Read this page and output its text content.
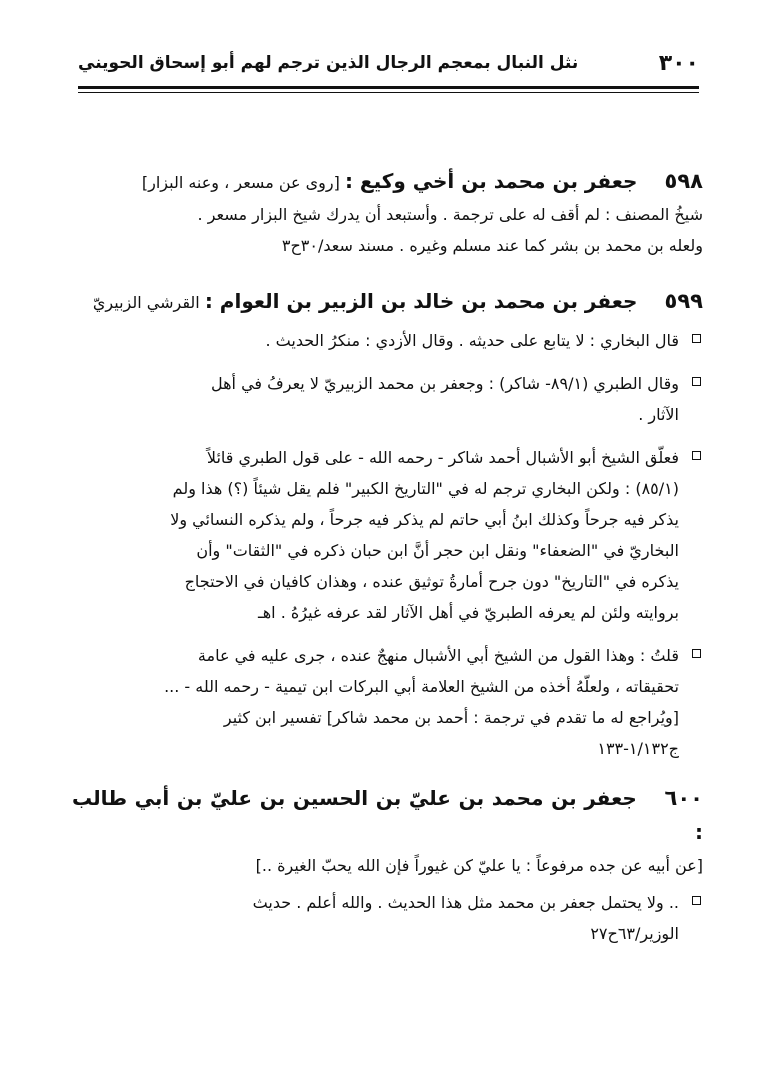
٣٠٠
نثل النبال بمعجم الرجال الذين ترجم لهم أبو إسحاق الحويني
٥٩٨ جعفر بن محمد بن أخي وكيع : [روى عن مسعر ، وعنه البزار]
شيخُ المصنف : لم أقف له على ترجمة . وأستبعد أن يدرك شيخ البزار مسعر .
ولعله بن محمد بن بشر كما عند مسلم وغيره . مسند سعد/٣٠ح٣
٥٩٩ جعفر بن محمد بن خالد بن الزبير بن العوام : القرشي الزبيريّ
قال البخاري : لا يتابع على حديثه . وقال الأزدي : منكرُ الحديث .
وقال الطبري (٨٩/١- شاكر) : وجعفر بن محمد الزبيريّ لا يعرفُ في أهل
الآثار .
فعلّق الشيخ أبو الأشبال أحمد شاكر - رحمه الله - على قول الطبري قائلاً
(٨٥/١) : ولكن البخاري ترجم له في "التاريخ الكبير" فلم يقل شيئاً (؟) هذا ولم
يذكر فيه جرحاً وكذلك ابنُ أبي حاتم لم يذكر فيه جرحاً ، ولم يذكره النسائي ولا
البخاريّ في "الضعفاء" ونقل ابن حجر أنَّ ابن حبان ذكره في "الثقات" وأن
يذكره في "التاريخ" دون جرح أمارةُ توثيق عنده ، وهذان كافيان في الاحتجاج
بروايته ولئن لم يعرفه الطبريّ في أهل الآثار لقد عرفه غيرُهُ . اهـ
قلتُ : وهذا القول من الشيخ أبي الأشبال منهجٌ عنده ، جرى عليه في عامة
تحقيقاته ، ولعلّهُ أخذه من الشيخ العلامة أبي البركات ابن تيمية - رحمه الله - ...
[ويُراجع له ما تقدم في ترجمة : أحمد بن محمد شاكر] تفسير ابن كثير
ج١/١٣٢-١٣٣
٦٠٠ جعفر بن محمد بن عليّ بن الحسين بن عليّ بن أبي طالب :
[عن أبيه عن جده مرفوعاً : يا عليّ كن غيوراً فإن الله يحبّ الغيرة ..]
.. ولا يحتمل جعفر بن محمد مثل هذا الحديث . والله أعلم . حديث
الوزير/٦٣ح٢٧
